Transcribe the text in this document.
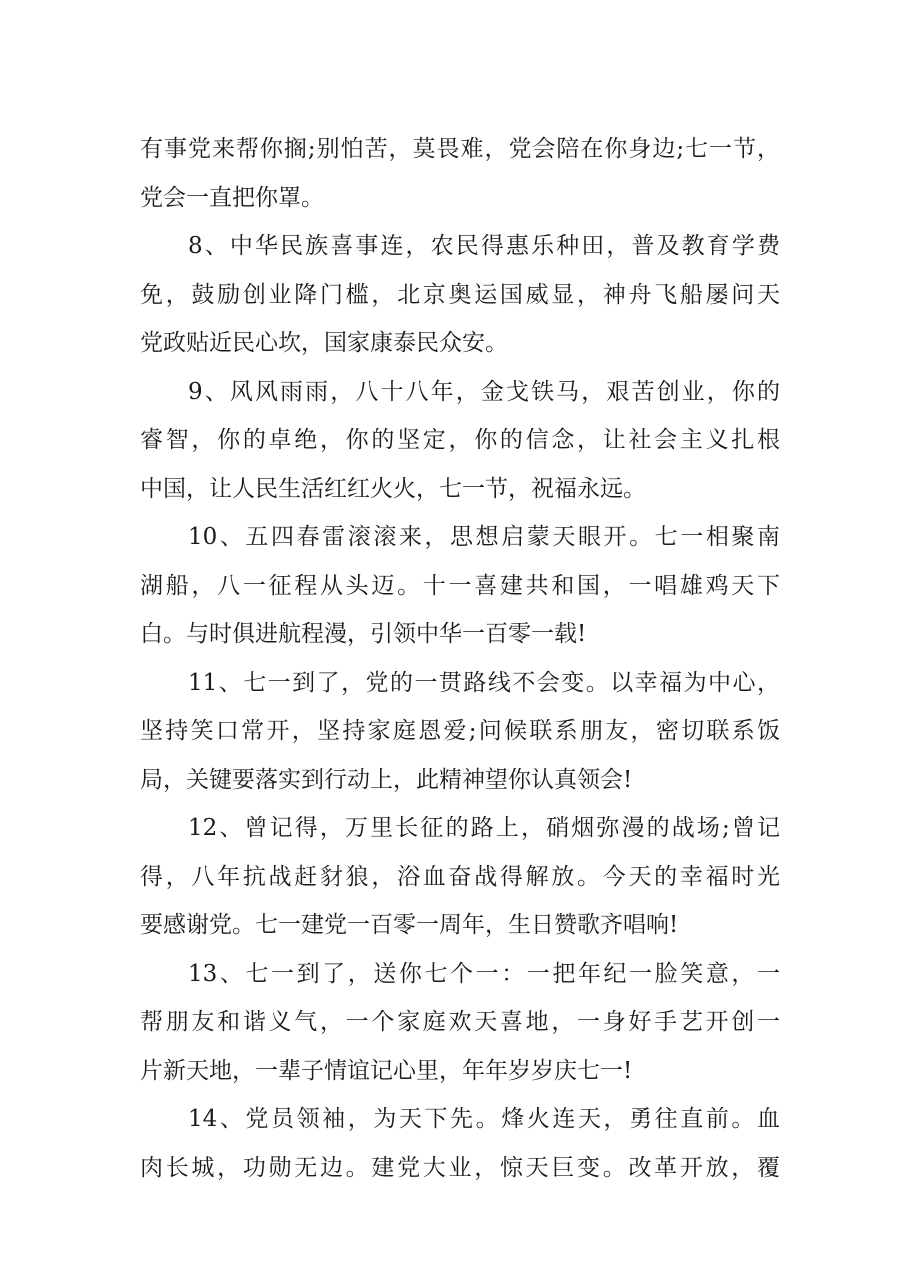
有事党来帮你搁;别怕苦，莫畏难，党会陪在你身边;七一节，
党会一直把你罩。
8、中华民族喜事连，农民得惠乐种田，普及教育学费
免，鼓励创业降门槛，北京奥运国威显，神舟飞船屡问天
党政贴近民心坎，国家康泰民众安。
9、风风雨雨，八十八年，金戈铁马，艰苦创业，你的
睿智，你的卓绝，你的坚定，你的信念，让社会主义扎根
中国，让人民生活红红火火，七一节，祝福永远。
10、五四春雷滚滚来，思想启蒙天眼开。七一相聚南
湖船，八一征程从头迈。十一喜建共和国，一唱雄鸡天下
白。与时俱进航程漫，引领中华一百零一载!
11、七一到了，党的一贯路线不会变。以幸福为中心，
坚持笑口常开，坚持家庭恩爱;问候联系朋友，密切联系饭
局，关键要落实到行动上，此精神望你认真领会!
12、曾记得，万里长征的路上，硝烟弥漫的战场;曾记
得，八年抗战赶豺狼，浴血奋战得解放。今天的幸福时光
要感谢党。七一建党一百零一周年，生日赞歌齐唱响!
13、七一到了，送你七个一：一把年纪一脸笑意，一
帮朋友和谐义气，一个家庭欢天喜地，一身好手艺开创一
片新天地，一辈子情谊记心里，年年岁岁庆七一!
14、党员领袖，为天下先。烽火连天，勇往直前。血
肉长城，功勋无边。建党大业，惊天巨变。改革开放，覆
